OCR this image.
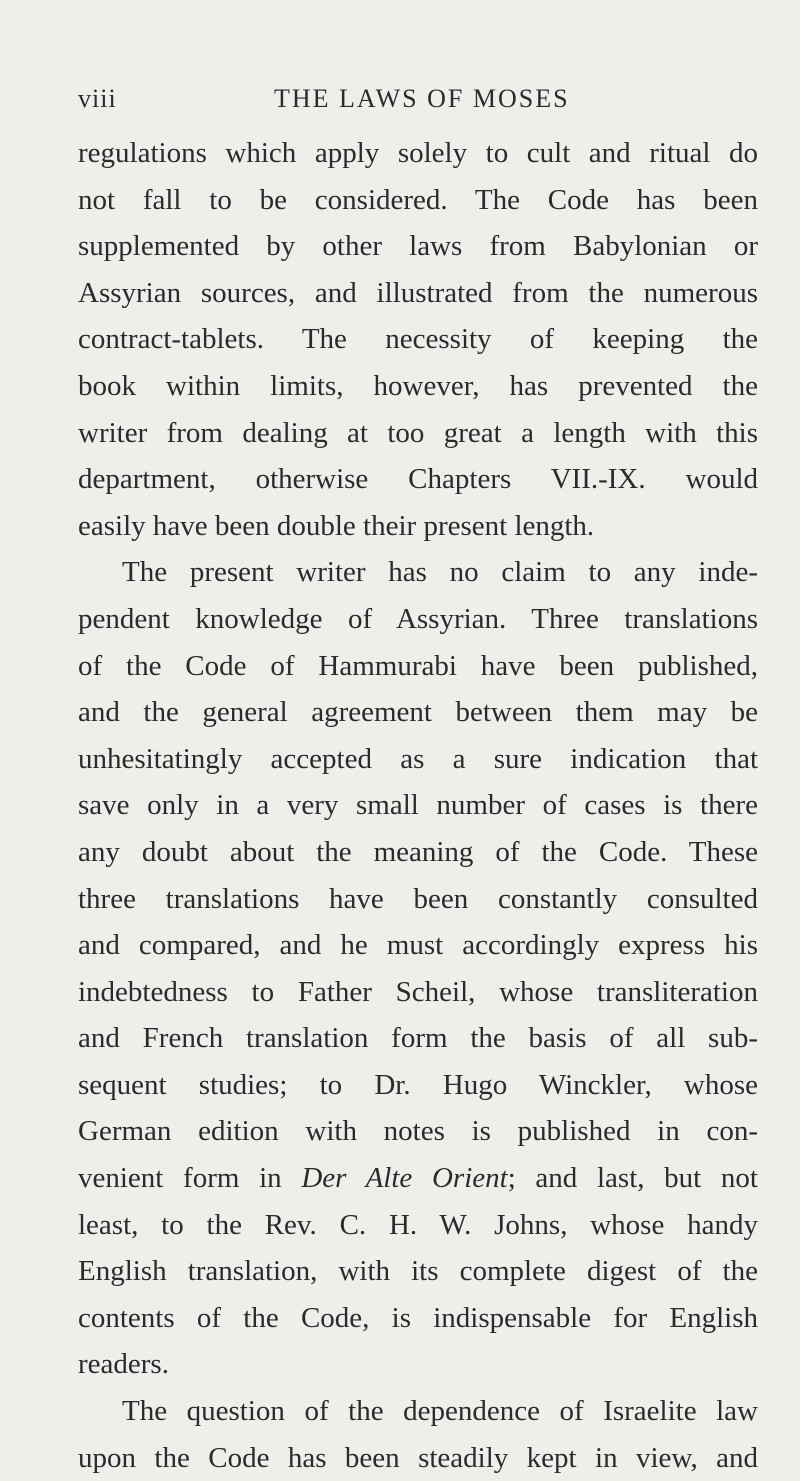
viii	THE LAWS OF MOSES
regulations which apply solely to cult and ritual do
not fall to be considered. The Code has been
supplemented by other laws from Babylonian or
Assyrian sources, and illustrated from the numerous
contract-tablets. The necessity of keeping the
book within limits, however, has prevented the
writer from dealing at too great a length with this
department, otherwise Chapters VII.-IX. would
easily have been double their present length.
The present writer has no claim to any inde-
pendent knowledge of Assyrian. Three translations
of the Code of Hammurabi have been published,
and the general agreement between them may be
unhesitatingly accepted as a sure indication that
save only in a very small number of cases is there
any doubt about the meaning of the Code. These
three translations have been constantly consulted
and compared, and he must accordingly express his
indebtedness to Father Scheil, whose transliteration
and French translation form the basis of all sub-
sequent studies; to Dr. Hugo Winckler, whose
German edition with notes is published in con-
venient form in Der Alte Orient; and last, but not
least, to the Rev. C. H. W. Johns, whose handy
English translation, with its complete digest of the
contents of the Code, is indispensable for English
readers.
The question of the dependence of Israelite law
upon the Code has been steadily kept in view, and
